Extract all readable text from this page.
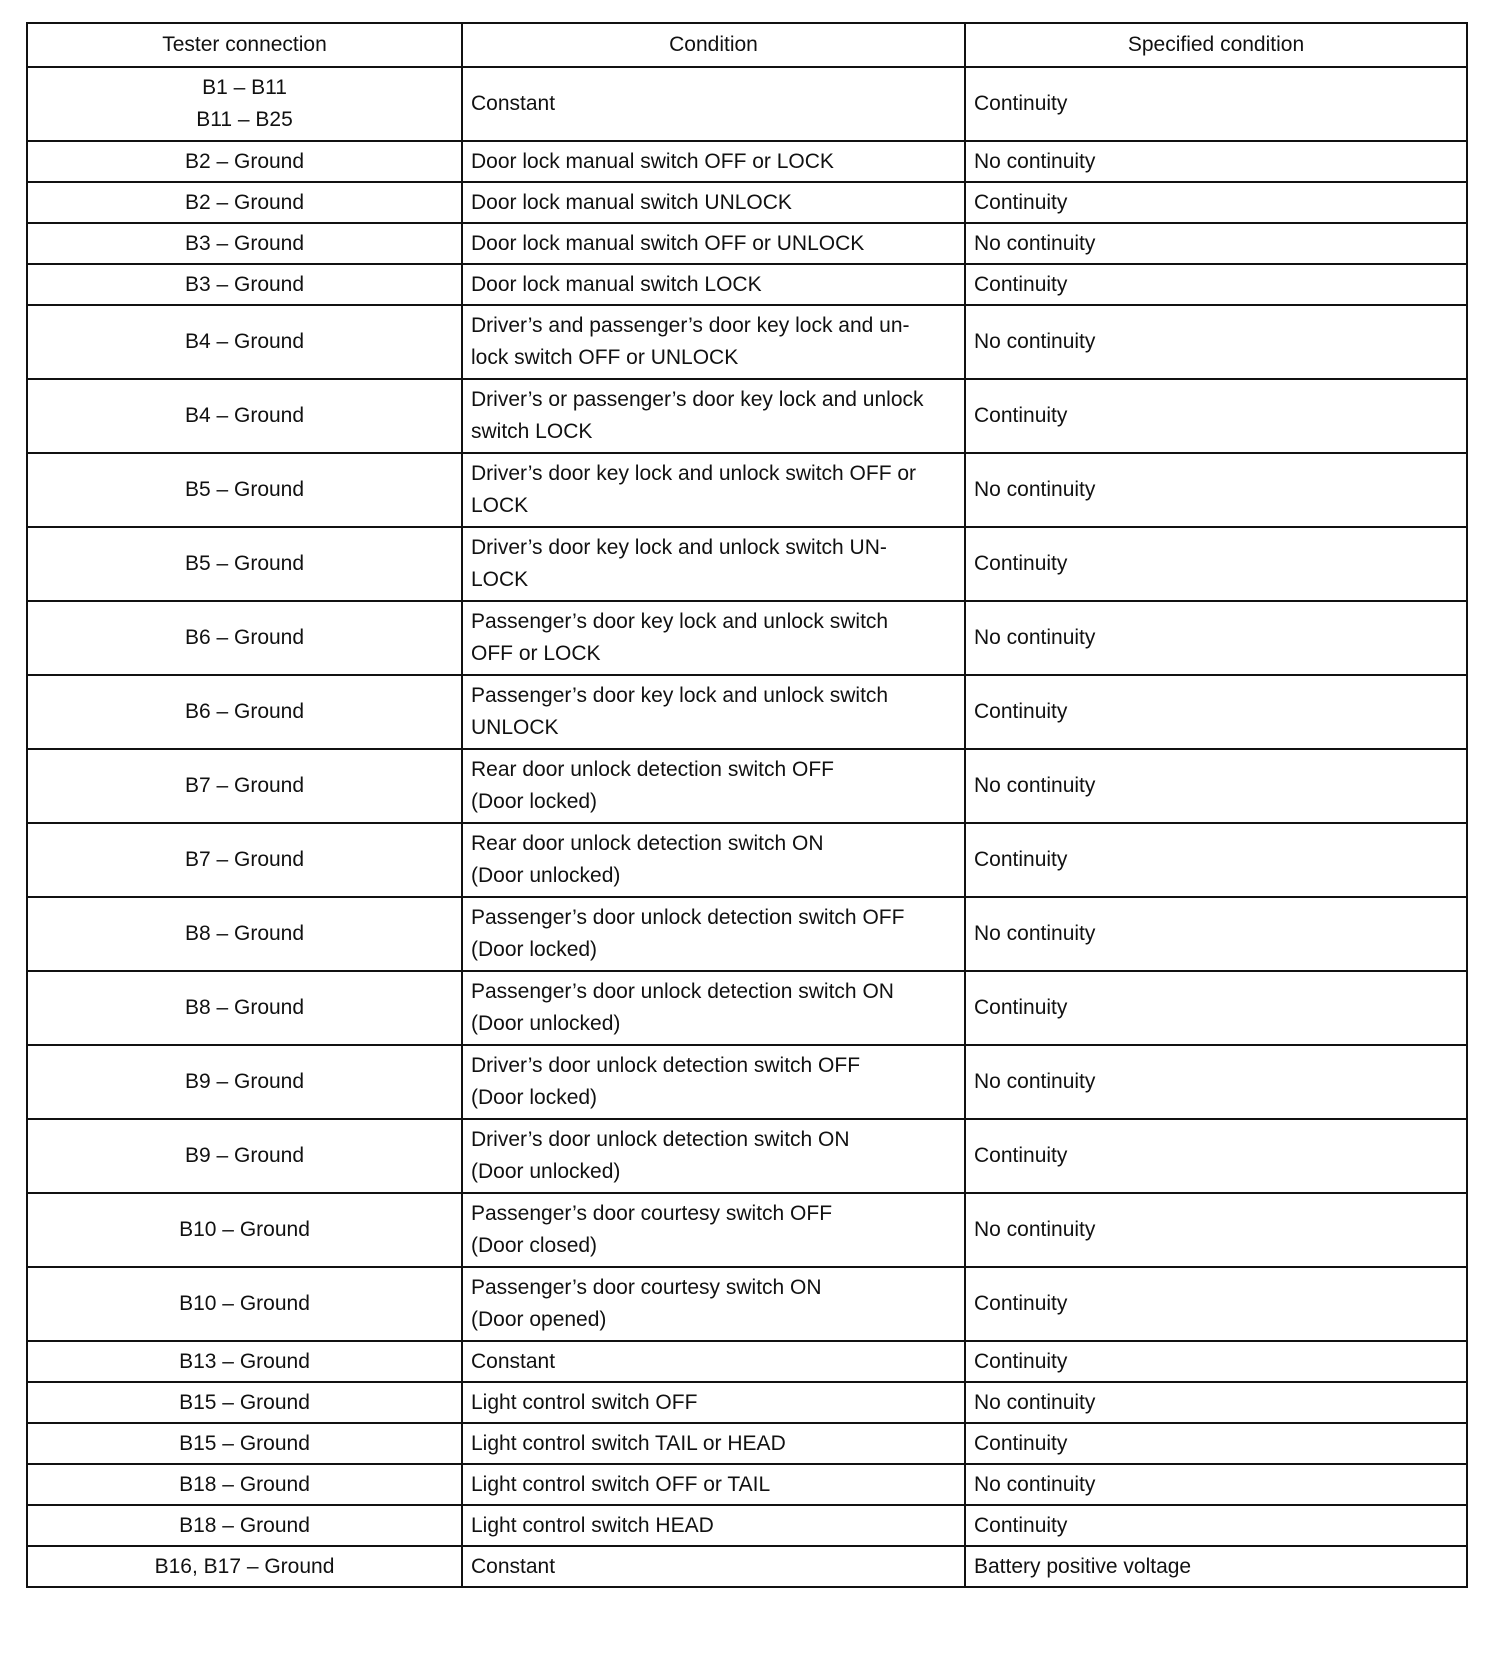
Tester connection	Condition	Specified condition

B1 – B11
B11 – B25	Constant	Continuity

B2 – Ground	Door lock manual switch OFF or LOCK	No continuity

B2 – Ground	Door lock manual switch UNLOCK	Continuity

B3 – Ground	Door lock manual switch OFF or UNLOCK	No continuity

B3 – Ground	Door lock manual switch LOCK	Continuity

B4 – Ground	Driver’s and passenger’s door key lock and un-
lock switch OFF or UNLOCK	No continuity

B4 – Ground	Driver’s or passenger’s door key lock and unlock
switch LOCK	Continuity

B5 – Ground	Driver’s door key lock and unlock switch OFF or
LOCK	No continuity

B5 – Ground	Driver’s door key lock and unlock switch UN-
LOCK	Continuity

B6 – Ground	Passenger’s door key lock and unlock switch
OFF or LOCK	No continuity

B6 – Ground	Passenger’s door key lock and unlock switch
UNLOCK	Continuity

B7 – Ground	Rear door unlock detection switch OFF
(Door locked)	No continuity

B7 – Ground	Rear door unlock detection switch ON
(Door unlocked)	Continuity

B8 – Ground	Passenger’s door unlock detection switch OFF
(Door locked)	No continuity

B8 – Ground	Passenger’s door unlock detection switch ON
(Door unlocked)	Continuity

B9 – Ground	Driver’s door unlock detection switch OFF
(Door locked)	No continuity

B9 – Ground	Driver’s door unlock detection switch ON
(Door unlocked)	Continuity

B10 – Ground	Passenger’s door courtesy switch OFF
(Door closed)	No continuity

B10 – Ground	Passenger’s door courtesy switch ON
(Door opened)	Continuity

B13 – Ground	Constant	Continuity

B15 – Ground	Light control switch OFF	No continuity

B15 – Ground	Light control switch TAIL or HEAD	Continuity

B18 – Ground	Light control switch OFF or TAIL	No continuity

B18 – Ground	Light control switch HEAD	Continuity

B16, B17 – Ground	Constant	Battery positive voltage
